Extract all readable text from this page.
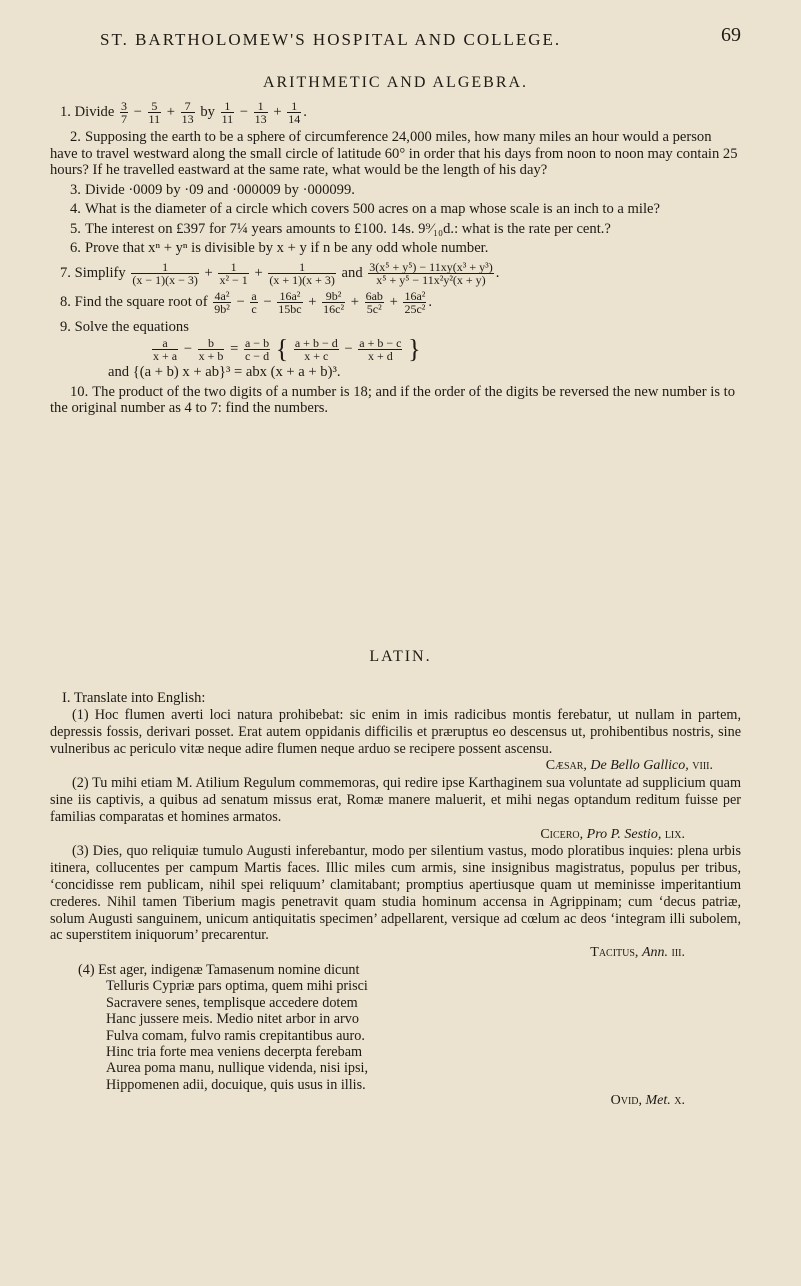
ST. BARTHOLOMEW'S HOSPITAL AND COLLEGE.	69
ARITHMETIC AND ALGEBRA.
1. Divide $\frac{3}{7} - \frac{5}{11} + \frac{7}{13}$ by $\frac{1}{11} - \frac{1}{13} + \frac{1}{14}$ .

2. Supposing the earth to be a sphere of circumference 24,000 miles, how many miles an hour would a person have to travel westward along the small circle of latitude 60° in order that his days from noon to noon may contain 25 hours? If he travelled eastward at the same rate, what would be the length of his day?

3. Divide ·0009 by ·09 and ·000009 by ·000099.

4. What is the diameter of a circle which covers 500 acres on a map whose scale is an inch to a mile?

5. The interest on £397 for 7¼ years amounts to £100. 14s. 9⁹⁄₁₀d.: what is the rate per cent.?

6. Prove that xⁿ + yⁿ is divisible by x + y if n be any odd whole number.

7. Simplify $\frac{1}{(x - 1)(x - 3)} + \frac{1}{\text{x² − 1}} + \frac{1}{(x + 1)(x + 3)}$ and $\frac{\text{3(x⁵ + y⁵) − 11xy(x³ + y³)}}{\text{x⁵ + y⁵ − 11x²y²(x + y)}}$ .
8. Find the square root of $\frac{\text{4a²}}{\text{9b²}} - \frac{a}{c} - \frac{\text{16a²}}{15bc} + \frac{\text{9b²}}{\text{16c²}} + \frac{6ab}{\text{5c²}} + \frac{\text{16a²}}{\text{25c²}}$ .
9. Solve the equations
$\frac{a}{x + a} - \frac{b}{x + b} = \frac{a - b}{c - d}$ { $\frac{a + b - d}{x + c} - \frac{a + b - c}{x + d}$ }
and {(a + b) x + ab}³ = abx (x + a + b)³.

10. The product of the two digits of a number is 18; and if the order of the digits be reversed the new number is to the original number as 4 to 7: find the numbers.

LATIN.

I. Translate into English:

(1) Hoc flumen averti loci natura prohibebat: sic enim in imis radicibus montis ferebatur, ut nullam in partem, depressis fossis, derivari posset. Erat autem oppidanis difficilis et præruptus eo descensus ut, prohibentibus nostris, sine vulneribus ac periculo vitæ neque adire flumen neque arduo se recipere possent ascensu.

Cæsar, De Bello Gallico, viii.

(2) Tu mihi etiam M. Atilium Regulum commemoras, qui redire ipse Karthaginem sua voluntate ad supplicium quam sine iis captivis, a quibus ad senatum missus erat, Romæ manere maluerit, et mihi negas optandum reditum fuisse per familias comparatas et homines armatos.

Cicero, Pro P. Sestio, lix.

(3) Dies, quo reliquiæ tumulo Augusti inferebantur, modo per silentium vastus, modo ploratibus inquies: plena urbis itinera, collucentes per campum Martis faces. Illic miles cum armis, sine insignibus magistratus, populus per tribus, ‘concidisse rem publicam, nihil spei reliquum’ clamitabant; promptius apertiusque quam ut meminisse imperitantium crederes. Nihil tamen Tiberium magis penetravit quam studia hominum accensa in Agrippinam; cum ‘decus patriæ, solum Augusti sanguinem, unicum antiquitatis specimen’ adpellarent, versique ad cœlum ac deos ‘integram illi subolem, ac superstitem iniquorum’ precarentur.

Tacitus, Ann. iii.
(4) Est ager, indigenæ Tamasenum nomine dicunt
Telluris Cypriæ pars optima, quem mihi prisci
Sacravere senes, templisque accedere dotem
Hanc jussere meis. Medio nitet arbor in arvo
Fulva comam, fulvo ramis crepitantibus auro.
Hinc tria forte mea veniens decerpta ferebam
Aurea poma manu, nullique videnda, nisi ipsi,
Hippomenen adii, docuique, quis usus in illis.
Ovid, Met. x.
